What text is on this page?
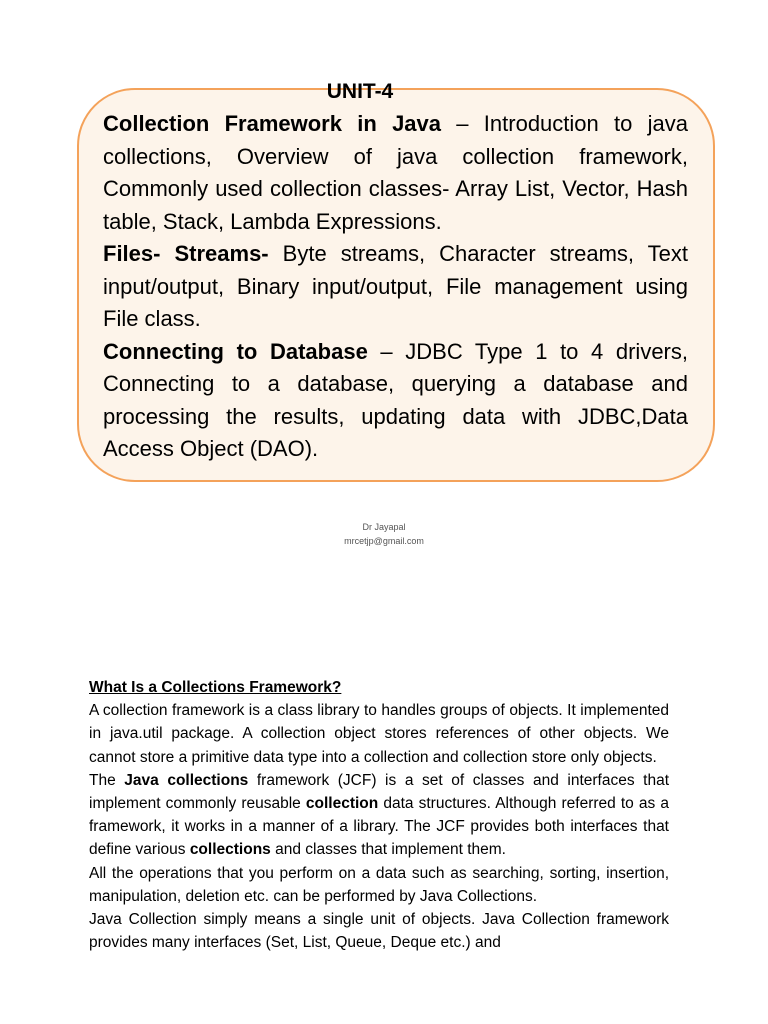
UNIT-4

Collection Framework in Java – Introduction to java collections, Overview of java collection framework, Commonly used collection classes- Array List, Vector, Hash table, Stack, Lambda Expressions.

Files- Streams- Byte streams, Character streams, Text input/output, Binary input/output, File management using File class.

Connecting to Database – JDBC Type 1 to 4 drivers, Connecting to a database, querying a database and processing the results, updating data with JDBC,Data Access Object (DAO).

Dr Jayapal
mrcetjp@gmail.com
What Is a Collections Framework?

A collection framework is a class library to handles groups of objects. It implemented in java.util package. A collection object stores references of other objects. We cannot store a primitive data type into a collection and collection store only objects.

The Java collections framework (JCF) is a set of classes and interfaces that implement commonly reusable collection data structures. Although referred to as a framework, it works in a manner of a library. The JCF provides both interfaces that define various collections and classes that implement them.

All the operations that you perform on a data such as searching, sorting, insertion, manipulation, deletion etc. can be performed by Java Collections.

Java Collection simply means a single unit of objects. Java Collection framework provides many interfaces (Set, List, Queue, Deque etc.) and
